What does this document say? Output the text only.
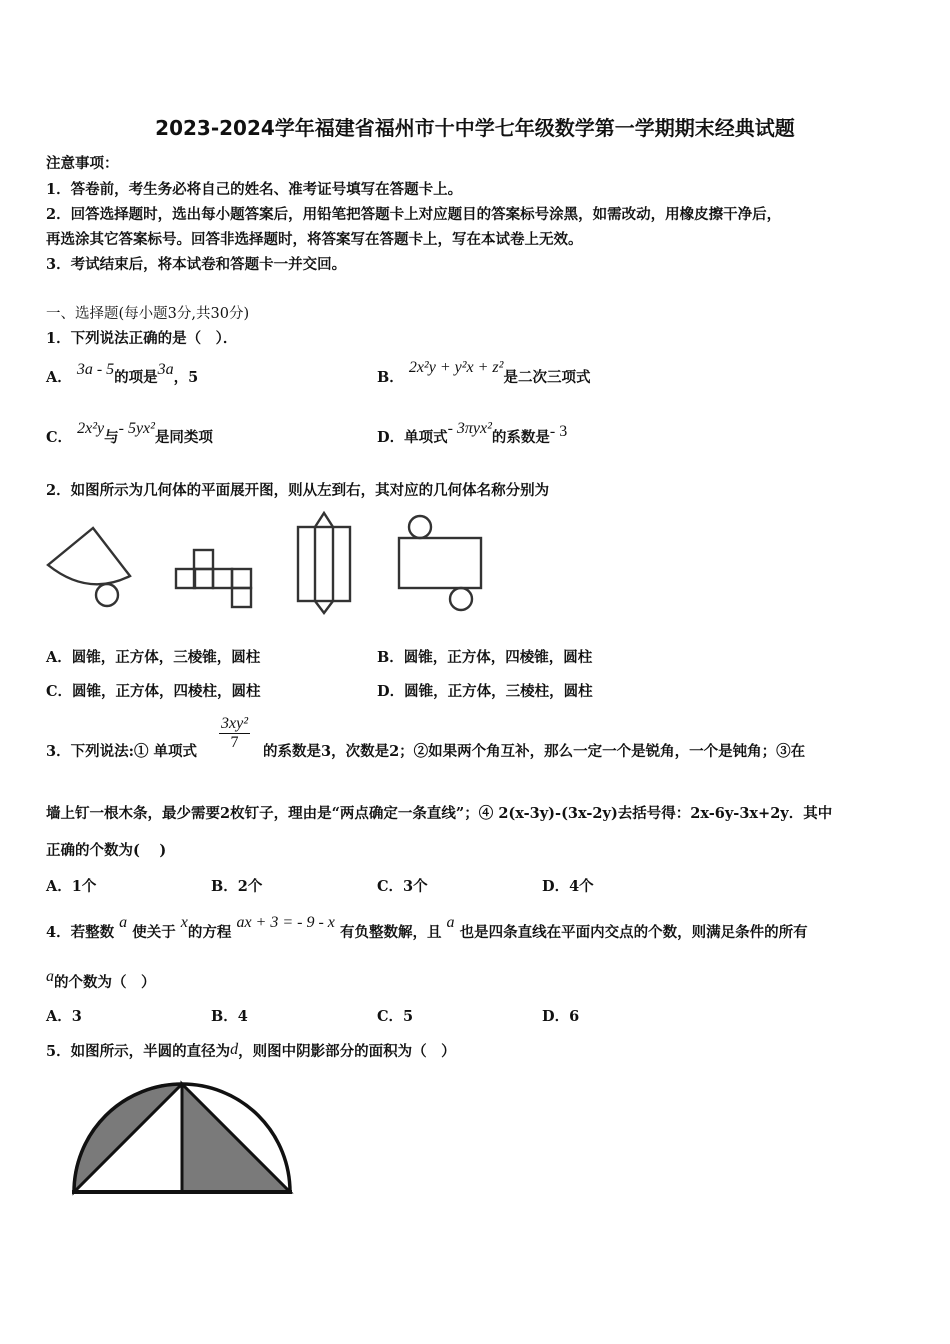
2023-2024学年福建省福州市十中学七年级数学第一学期期末经典试题
注意事项：
1．答卷前，考生务必将自己的姓名、准考证号填写在答题卡上。
2．回答选择题时，选出每小题答案后，用铅笔把答题卡上对应题目的答案标号涂黑，如需改动，用橡皮擦干净后，
再选涂其它答案标号。回答非选择题时，将答案写在答题卡上，写在本试卷上无效。
3．考试结束后，将本试卷和答题卡一并交回。
一、选择题(每小题3分,共30分)
1．下列说法正确的是（　）．
A． 3a - 5的项是3a，5	B． 2x²y + y²x + z²是二次三项式
C． 2x²y与- 5yx²是同类项	D．单项式- 3πyx²的系数是- 3
2．如图所示为几何体的平面展开图，则从左到右，其对应的几何体名称分别为
A．圆锥，正方体，三棱锥，圆柱	B．圆锥，正方体，四棱锥，圆柱
C．圆锥，正方体，四棱柱，圆柱	D．圆锥，正方体，三棱柱，圆柱
3．下列说法:① 单项式 $\frac{\text{3xy²}}{7}$ 的系数是3，次数是2；②如果两个角互补，那么一定一个是锐角，一个是钝角；③在
墙上钉一根木条，最少需要2枚钉子，理由是“两点确定一条直线”；④ 2(x-3y)-(3x-2y)去括号得：2x-6y-3x+2y．其中
正确的个数为(　 )
A．1个	B．2个	C．3个	D．4个
4．若整数 a 使关于 x的方程 ax + 3 = - 9 - x 有负整数解，且 a 也是四条直线在平面内交点的个数，则满足条件的所有
a的个数为（　）
A．3	B．4	C．5	D．6
5．如图所示，半圆的直径为d，则图中阴影部分的面积为（　）
